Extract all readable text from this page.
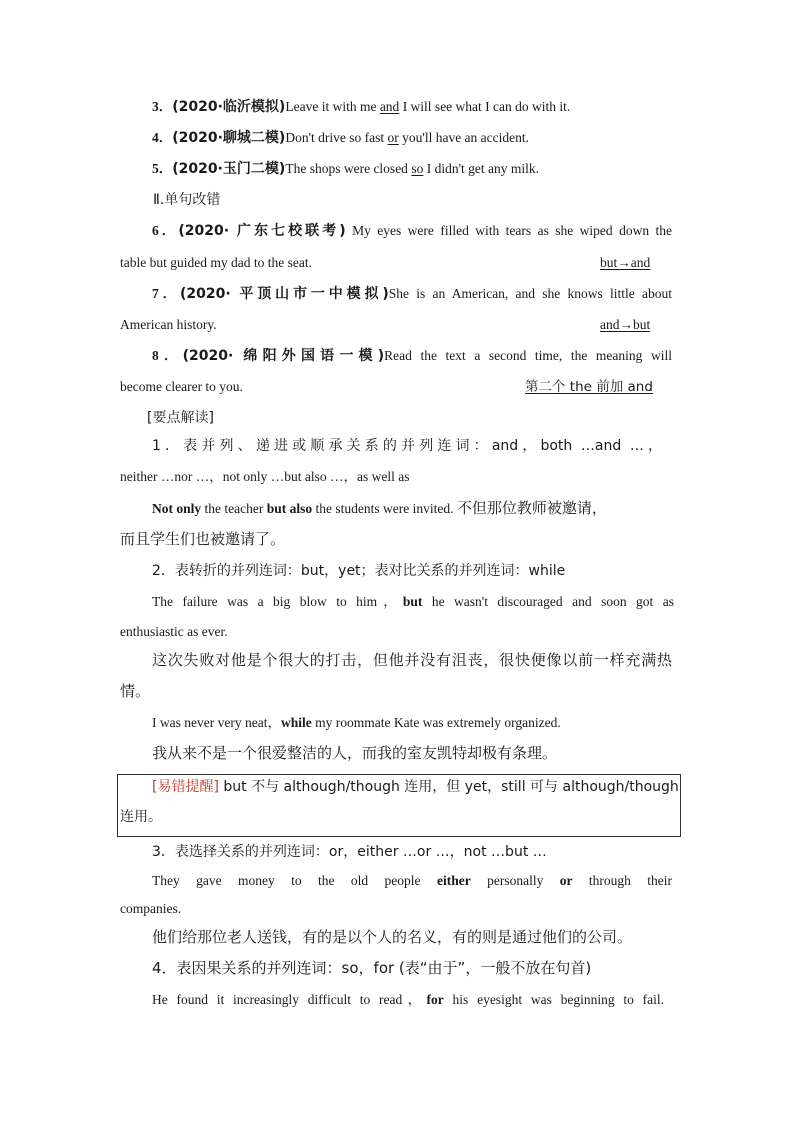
3．(2020·临沂模拟)Leave it with me and I will see what I can do with it.
4．(2020·聊城二模)Don't drive so fast or you'll have an accident.
5．(2020·玉门二模)The shops were closed so I didn't get any milk.
Ⅱ.单句改错
6．(2020· 广东七校联考) My eyes were filled with tears as she wiped down the
table but guided my dad to the seat.	but→and
7．(2020· 平顶山市一中模拟)She is an American, and she knows little about
American history.	and→but
8．(2020· 绵阳外国语一模)Read the text a second time, the meaning will
become clearer to you.	第二个 the 前加 and
[要点解读]
1．表并列、递进或顺承关系的并列连词：and，both …and …，
neither …nor …，not only …but also …，as well as
Not only the teacher but also the students were invited. 不但那位教师被邀请，
而且学生们也被邀请了。
2．表转折的并列连词：but，yet；表对比关系的并列连词：while
The failure was a big blow to him，but he wasn't discouraged and soon got as
enthusiastic as ever.
这次失败对他是个很大的打击，但他并没有沮丧，很快便像以前一样充满热
情。
I was never very neat，while my roommate Kate was extremely organized.
我从来不是一个很爱整洁的人，而我的室友凯特却极有条理。
[易错提醒] but 不与 although/though 连用，但 yet，still 可与 although/though
连用。
3．表选择关系的并列连词：or，either …or …，not …but …
They gave money to the old people either personally or through their
companies.
他们给那位老人送钱，有的是以个人的名义，有的则是通过他们的公司。
4．表因果关系的并列连词：so，for (表“由于”，一般不放在句首)
He found it increasingly difficult to read，for his eyesight was beginning to fail.
